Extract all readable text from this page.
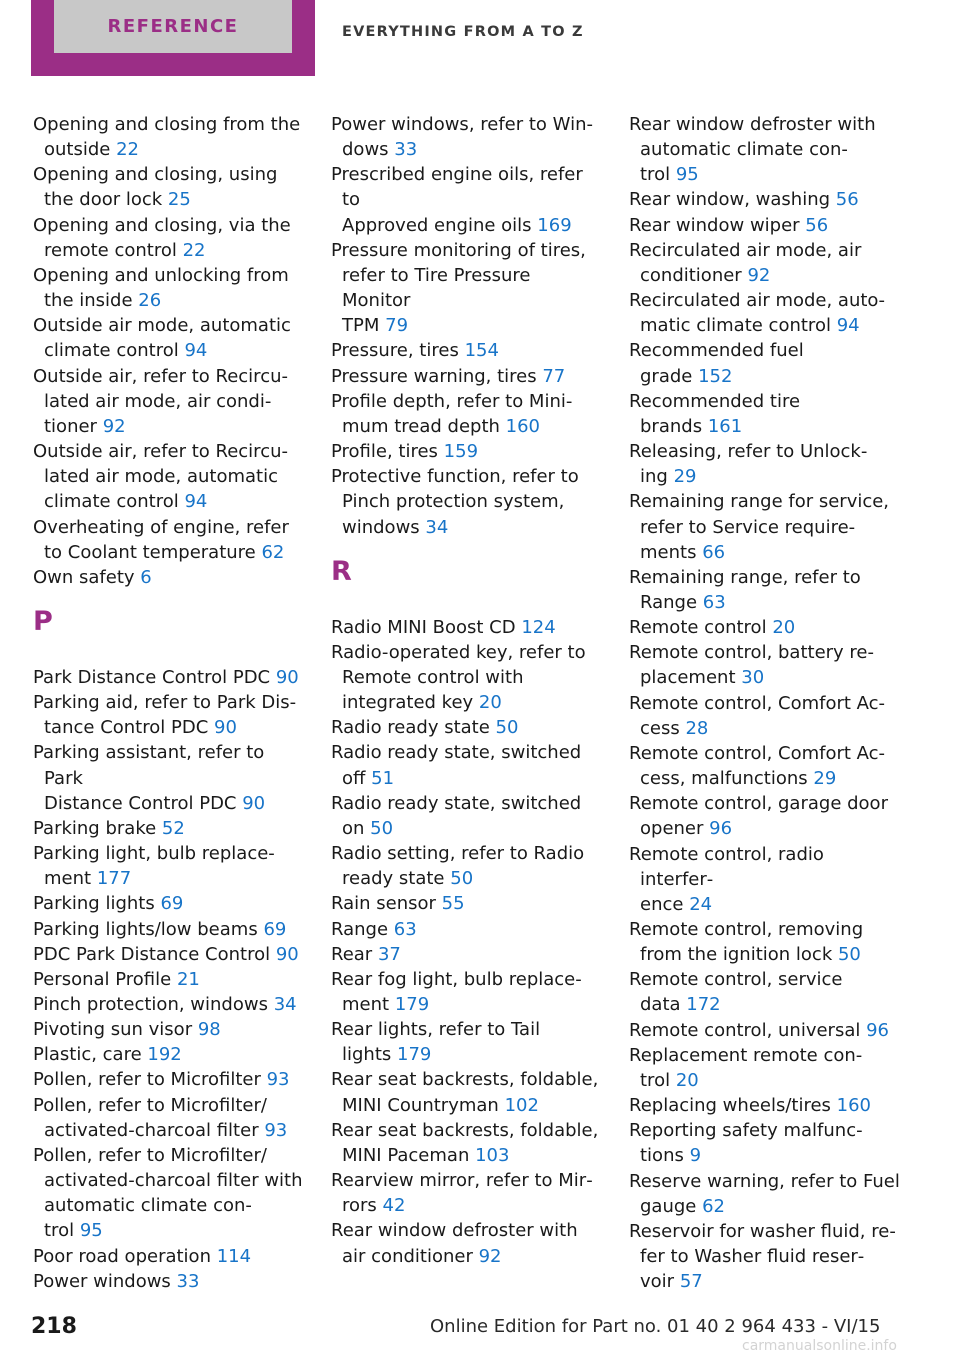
REFERENCE	EVERYTHING FROM A TO Z
Opening and closing from the
outside 22
Opening and closing, using
the door lock 25
Opening and closing, via the
remote control 22
Opening and unlocking from
the inside 26
Outside air mode, automatic
climate control 94
Outside air, refer to Recircu‐
lated air mode, air condi‐
tioner 92
Outside air, refer to Recircu‐
lated air mode, automatic
climate control 94
Overheating of engine, refer
to Coolant temperature 62
Own safety 6
P
Park Distance Control PDC 90
Parking aid, refer to Park Dis‐
tance Control PDC 90
Parking assistant, refer to Park
Distance Control PDC 90
Parking brake 52
Parking light, bulb replace‐
ment 177
Parking lights 69
Parking lights/low beams 69
PDC Park Distance Control 90
Personal Profile 21
Pinch protection, windows 34
Pivoting sun visor 98
Plastic, care 192
Pollen, refer to Microfilter 93
Pollen, refer to Microfilter/
activated-charcoal filter 93
Pollen, refer to Microfilter/
activated-charcoal filter with
automatic climate con‐
trol 95
Poor road operation 114
Power windows 33
Power windows, refer to Win‐
dows 33
Prescribed engine oils, refer to
Approved engine oils 169
Pressure monitoring of tires,
refer to Tire Pressure Monitor
TPM 79
Pressure, tires 154
Pressure warning, tires 77
Profile depth, refer to Mini‐
mum tread depth 160
Profile, tires 159
Protective function, refer to
Pinch protection system,
windows 34
R
Radio MINI Boost CD 124
Radio-operated key, refer to
Remote control with
integrated key 20
Radio ready state 50
Radio ready state, switched
off 51
Radio ready state, switched
on 50
Radio setting, refer to Radio
ready state 50
Rain sensor 55
Range 63
Rear 37
Rear fog light, bulb replace‐
ment 179
Rear lights, refer to Tail
lights 179
Rear seat backrests, foldable,
MINI Countryman 102
Rear seat backrests, foldable,
MINI Paceman 103
Rearview mirror, refer to Mir‐
rors 42
Rear window defroster with
air conditioner 92
Rear window defroster with
automatic climate con‐
trol 95
Rear window, washing 56
Rear window wiper 56
Recirculated air mode, air
conditioner 92
Recirculated air mode, auto‐
matic climate control 94
Recommended fuel
grade 152
Recommended tire
brands 161
Releasing, refer to Unlock‐
ing 29
Remaining range for service,
refer to Service require‐
ments 66
Remaining range, refer to
Range 63
Remote control 20
Remote control, battery re‐
placement 30
Remote control, Comfort Ac‐
cess 28
Remote control, Comfort Ac‐
cess, malfunctions 29
Remote control, garage door
opener 96
Remote control, radio interfer‐
ence 24
Remote control, removing
from the ignition lock 50
Remote control, service
data 172
Remote control, universal 96
Replacement remote con‐
trol 20
Replacing wheels/tires 160
Reporting safety malfunc‐
tions 9
Reserve warning, refer to Fuel
gauge 62
Reservoir for washer fluid, re‐
fer to Washer fluid reser‐
voir 57
218	Online Edition for Part no. 01 40 2 964 433 - VI/15
carmanualsonline.info
